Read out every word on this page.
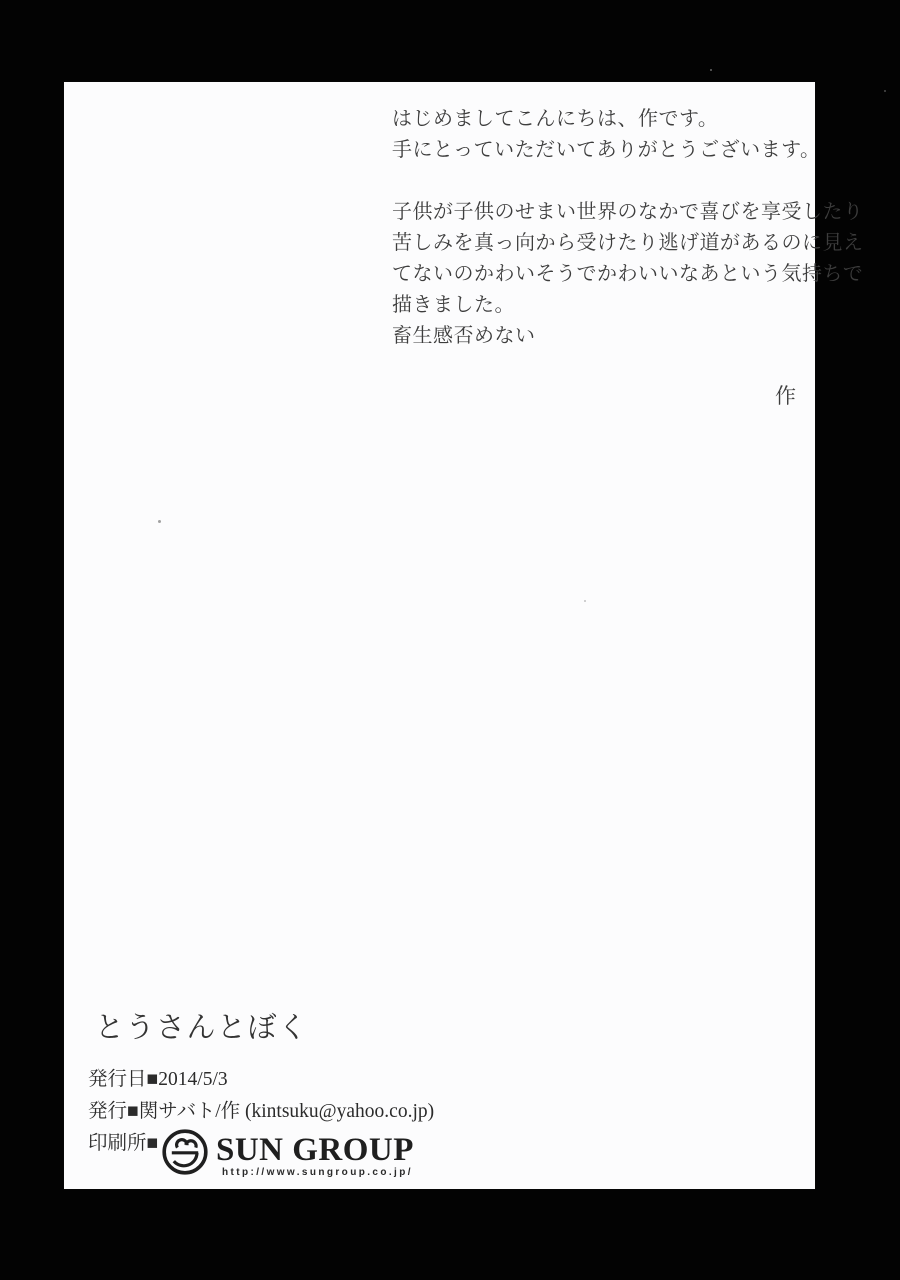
はじめましてこんにちは、作です。
手にとっていただいてありがとうございます。
子供が子供のせまい世界のなかで喜びを享受したり
苦しみを真っ向から受けたり逃げ道があるのに見え
てないのかわいそうでかわいいなあという気持ちで
描きました。
畜生感否めない
作
とうさんとぼく
発行日■2014/5/3
発行■関サバト/作 (kintsuku@yahoo.co.jp)
印刷所■	SUN GROUP
http://www.sungroup.co.jp/
